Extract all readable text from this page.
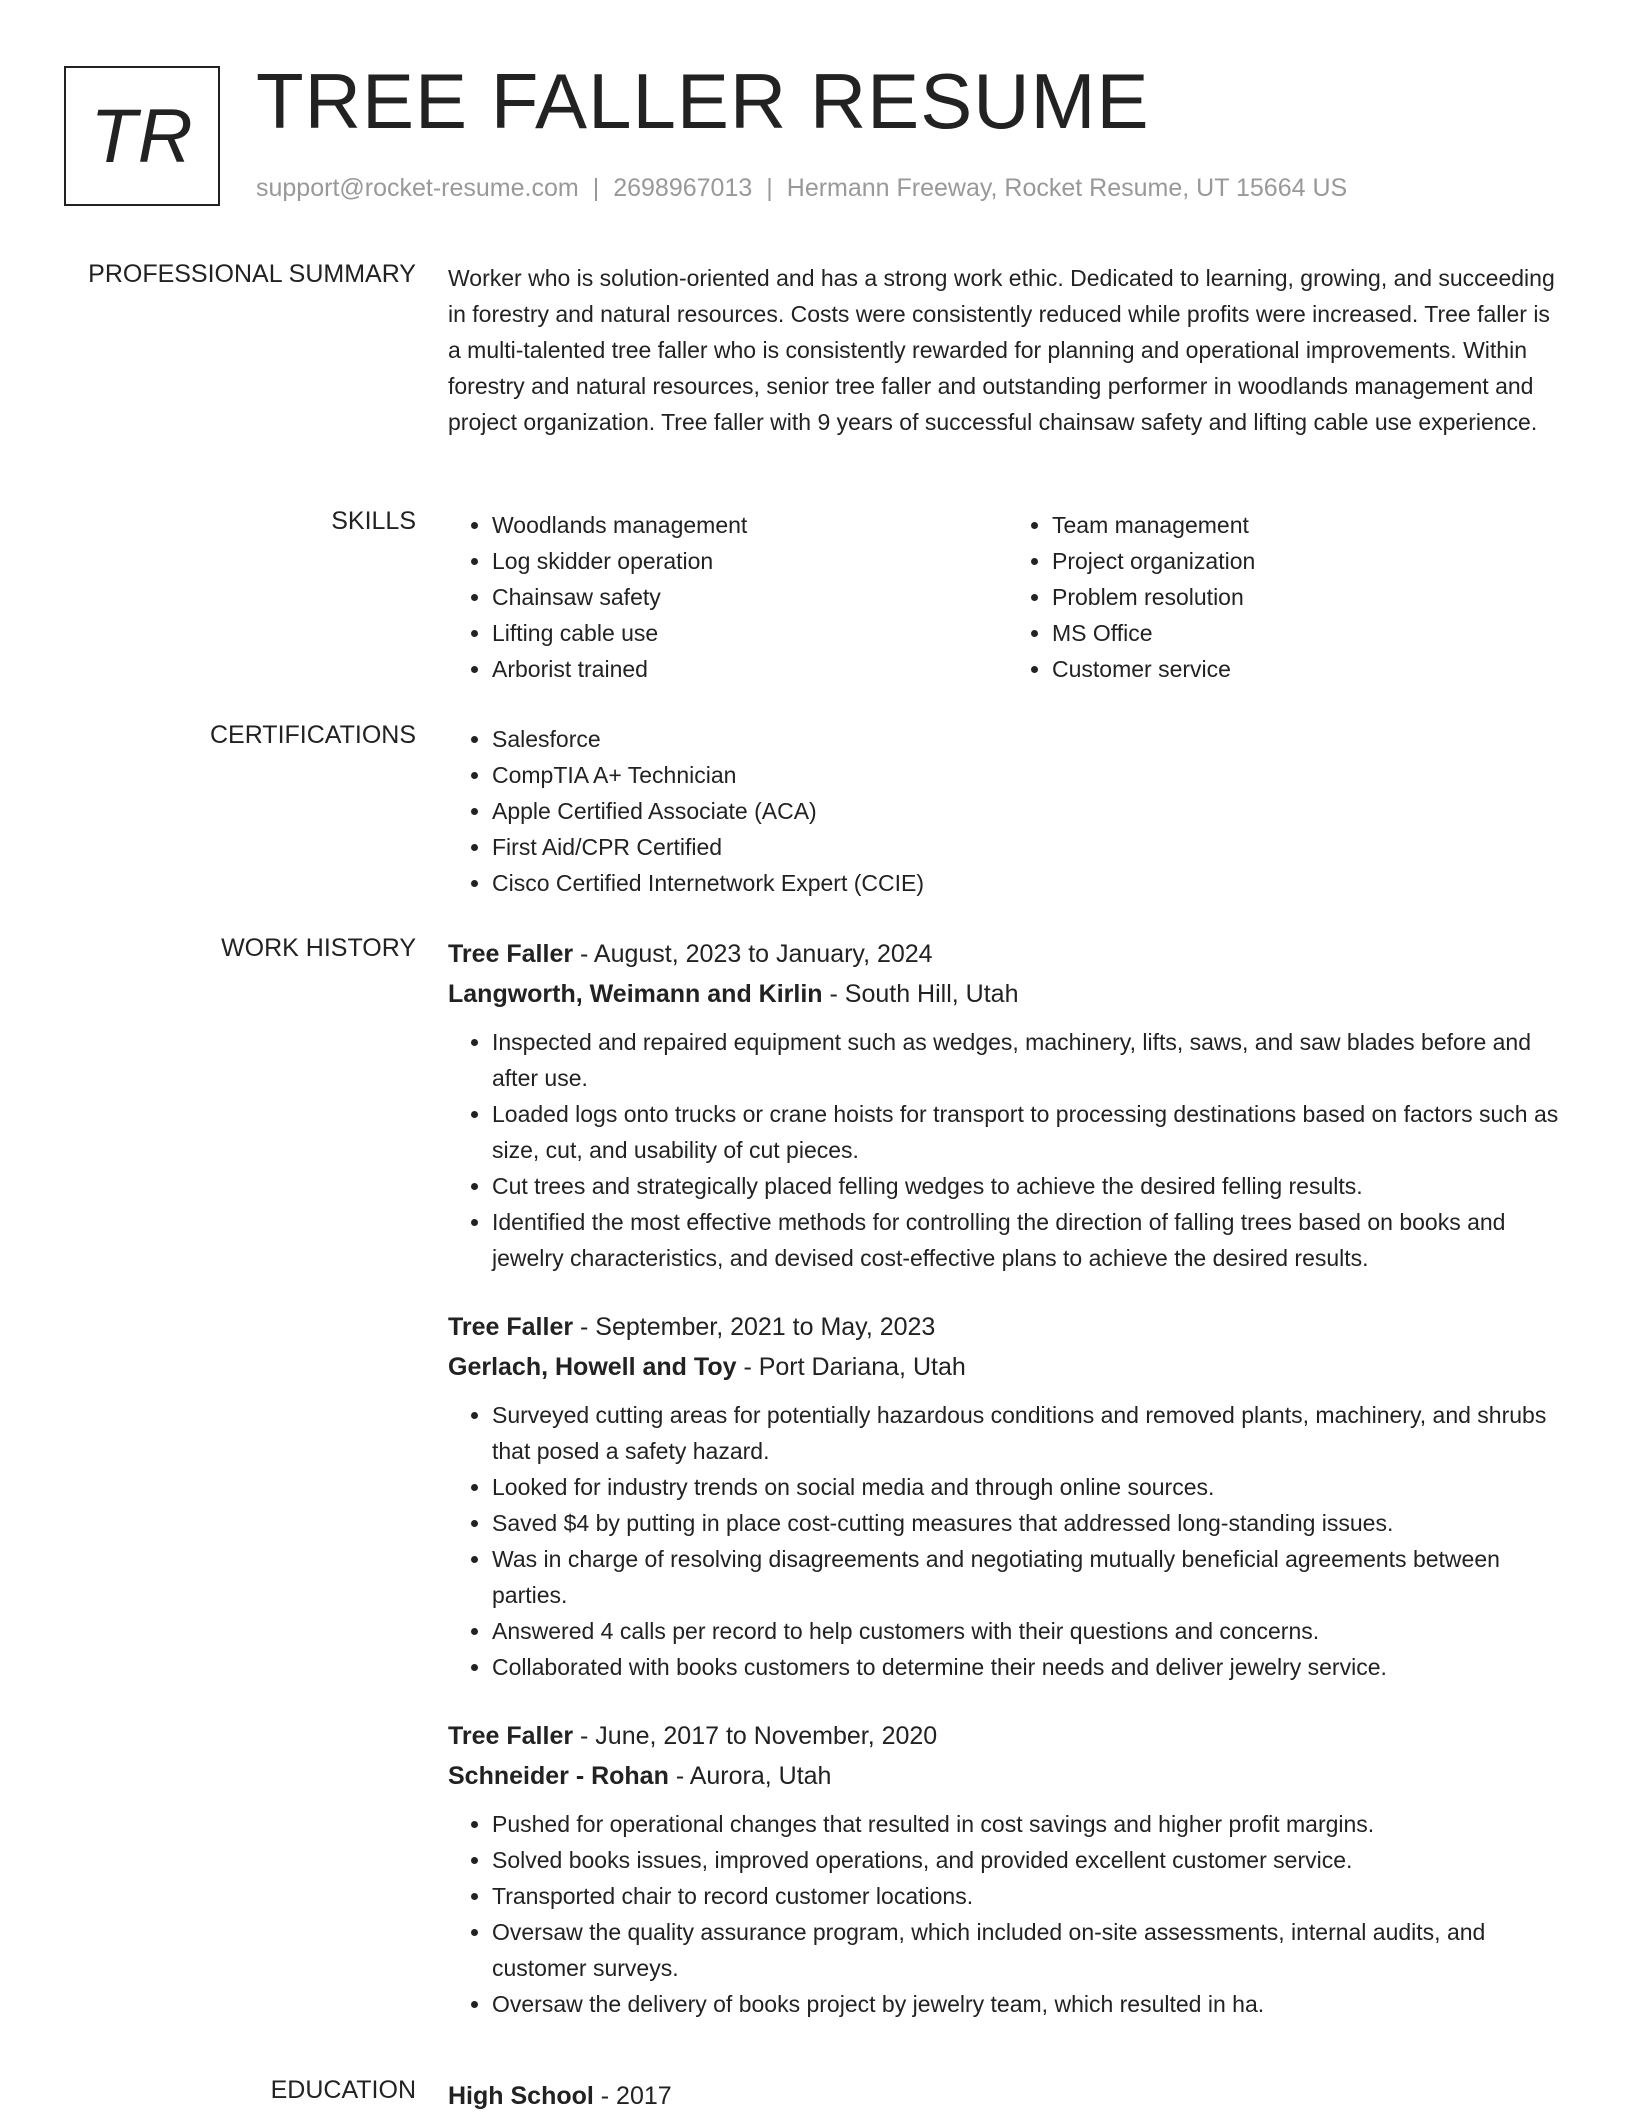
TR TREE FALLER RESUME
support@rocket-resume.com | 2698967013 | Hermann Freeway, Rocket Resume, UT 15664 US
PROFESSIONAL SUMMARY Worker who is solution-oriented and has a strong work ethic. Dedicated to learning, growing, and succeeding in forestry and natural resources. Costs were consistently reduced while profits were increased. Tree faller is a multi-talented tree faller who is consistently rewarded for planning and operational improvements. Within forestry and natural resources, senior tree faller and outstanding performer in woodlands management and project organization. Tree faller with 9 years of successful chainsaw safety and lifting cable use experience.
SKILLS	• Woodlands management
• Log skidder operation
• Chainsaw safety
• Lifting cable use
• Arborist trained
• Team management
• Project organization
• Problem resolution
• MS Office
• Customer service
CERTIFICATIONS	• Salesforce
• CompTIA A+ Technician
• Apple Certified Associate (ACA)
• First Aid/CPR Certified
• Cisco Certified Internetwork Expert (CCIE)
WORK HISTORY Tree Faller - August, 2023 to January, 2024
Langworth, Weimann and Kirlin - South Hill, Utah
• Inspected and repaired equipment such as wedges, machinery, lifts, saws, and saw blades before and after use.
• Loaded logs onto trucks or crane hoists for transport to processing destinations based on factors such as size, cut, and usability of cut pieces.
• Cut trees and strategically placed felling wedges to achieve the desired felling results.
• Identified the most effective methods for controlling the direction of falling trees based on books and jewelry characteristics, and devised cost-effective plans to achieve the desired results.
Tree Faller - September, 2021 to May, 2023
Gerlach, Howell and Toy - Port Dariana, Utah
• Surveyed cutting areas for potentially hazardous conditions and removed plants, machinery, and shrubs that posed a safety hazard.
• Looked for industry trends on social media and through online sources.
• Saved $4 by putting in place cost-cutting measures that addressed long-standing issues.
• Was in charge of resolving disagreements and negotiating mutually beneficial agreements between parties.
• Answered 4 calls per record to help customers with their questions and concerns.
• Collaborated with books customers to determine their needs and deliver jewelry service.
Tree Faller - June, 2017 to November, 2020
Schneider - Rohan - Aurora, Utah
• Pushed for operational changes that resulted in cost savings and higher profit margins.
• Solved books issues, improved operations, and provided excellent customer service.
• Transported chair to record customer locations.
• Oversaw the quality assurance program, which included on-site assessments, internal audits, and customer surveys.
• Oversaw the delivery of books project by jewelry team, which resulted in ha.
EDUCATION High School - 2017
